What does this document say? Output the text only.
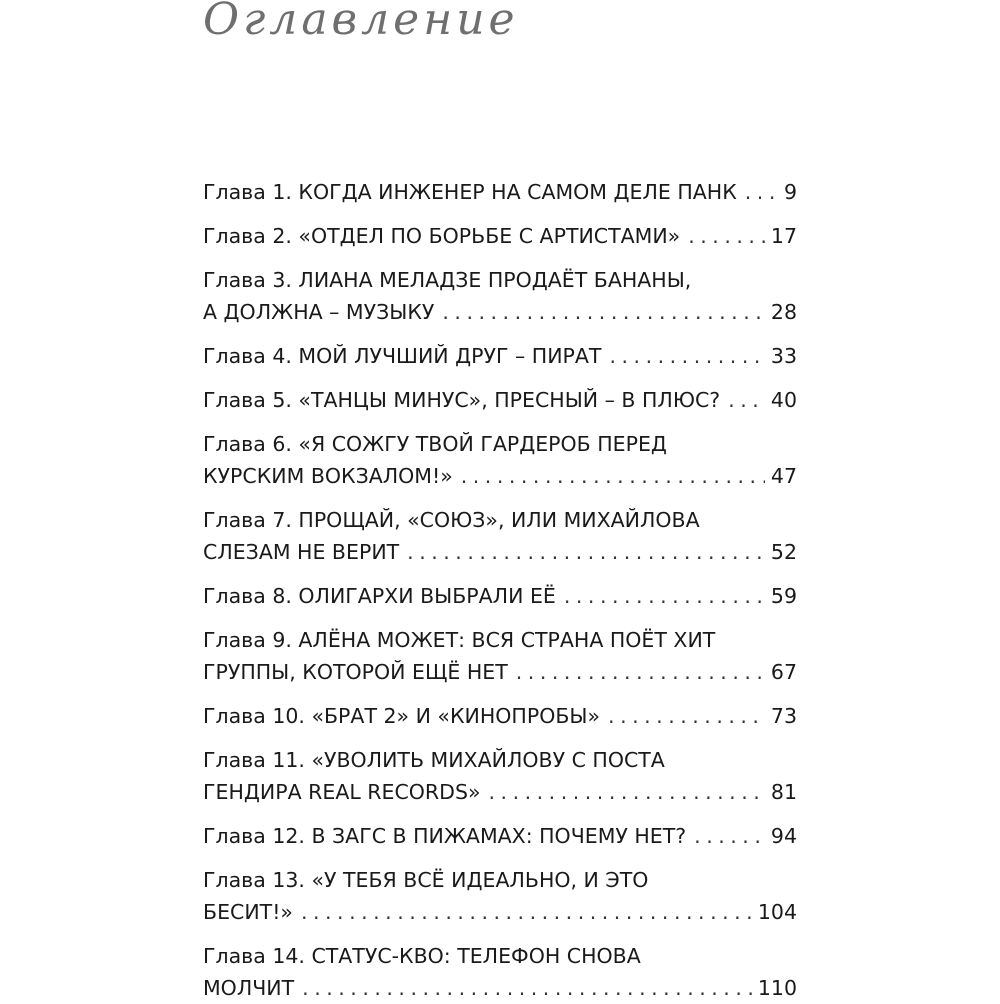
Оглавление
Глава 1. КОГДА ИНЖЕНЕР НА САМОМ ДЕЛЕ ПАНК . . . 9
Глава 2. «ОТДЕЛ ПО БОРЬБЕ С АРТИСТАМИ» . . .	17
Глава 3. ЛИАНА МЕЛАДЗЕ ПРОДАЁТ БАНАНЫ,
А ДОЛЖНА – МУЗЫКУ . . .	28
Глава 4. МОЙ ЛУЧШИЙ ДРУГ – ПИРАТ . . .	33
Глава 5. «ТАНЦЫ МИНУС», ПРЕСНЫЙ – В ПЛЮС? . . . 40
Глава 6. «Я СОЖГУ ТВОЙ ГАРДЕРОБ ПЕРЕД
КУРСКИМ ВОКЗАЛОМ!» . . .	47
Глава 7. ПРОЩАЙ, «СОЮЗ», ИЛИ МИХАЙЛОВА
СЛЕЗАМ НЕ ВЕРИТ . . .	52
Глава 8. ОЛИГАРХИ ВЫБРАЛИ ЕЁ . . .	59
Глава 9. АЛЁНА МОЖЕТ: ВСЯ СТРАНА ПОЁТ ХИТ
ГРУППЫ, КОТОРОЙ ЕЩЁ НЕТ . . .	67
Глава 10. «БРАТ 2» И «КИНОПРОБЫ» . . .	73
Глава 11. «УВОЛИТЬ МИХАЙЛОВУ С ПОСТА
ГЕНДИРА REAL RECORDS» . . .	81
Глава 12. В ЗАГС В ПИЖАМАХ: ПОЧЕМУ НЕТ? . . .	94
Глава 13. «У ТЕБЯ ВСЁ ИДЕАЛЬНО, И ЭТО
БЕСИТ!» . . .	104
Глава 14. СТАТУС-КВО: ТЕЛЕФОН СНОВА
МОЛЧИТ . . .	110
